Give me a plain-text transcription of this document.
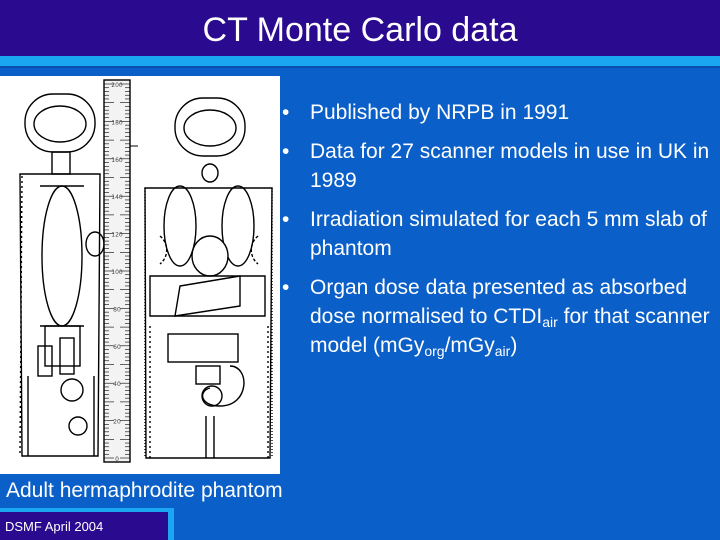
CT Monte Carlo data
200
180
160
140
120
100
80
60
40
20
0
• Published by NRPB in 1991
• Data for 27 scanner models in use in UK in 1989
• Irradiation simulated for each 5 mm slab of phantom
• Organ dose data presented as absorbed dose normalised to $CTDI_{air}$ for that scanner model (mGy$_{org}$/mGy$_{air}$)
Adult hermaphrodite phantom
DSMF April 2004
